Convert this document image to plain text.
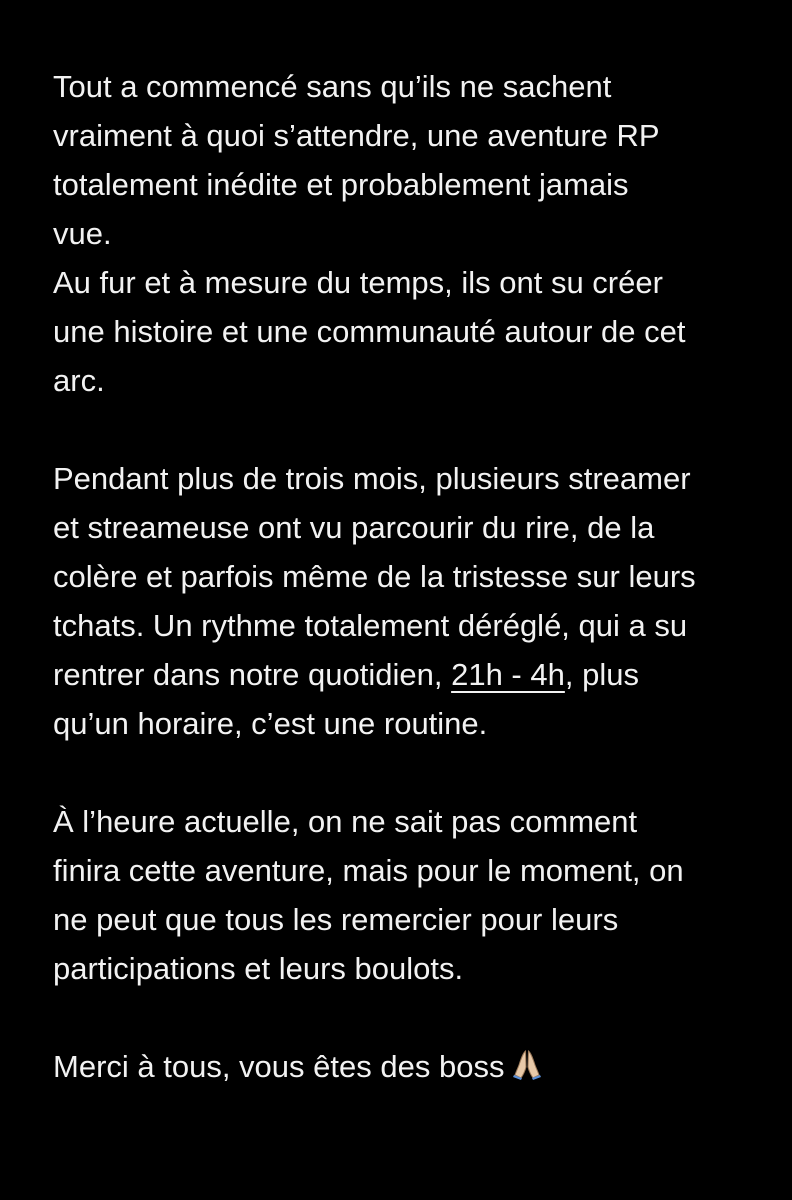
Tout a commencé sans qu’ils ne sachent
vraiment à quoi s’attendre, une aventure RP
totalement inédite et probablement jamais
vue.
Au fur et à mesure du temps, ils ont su créer
une histoire et une communauté autour de cet
arc.
Pendant plus de trois mois, plusieurs streamer
et streameuse ont vu parcourir du rire, de la
colère et parfois même de la tristesse sur leurs
tchats. Un rythme totalement déréglé, qui a su
rentrer dans notre quotidien, 21h - 4h, plus
qu’un horaire, c’est une routine.
À l’heure actuelle, on ne sait pas comment
finira cette aventure, mais pour le moment, on
ne peut que tous les remercier pour leurs
participations et leurs boulots.
Merci à tous, vous êtes des boss
